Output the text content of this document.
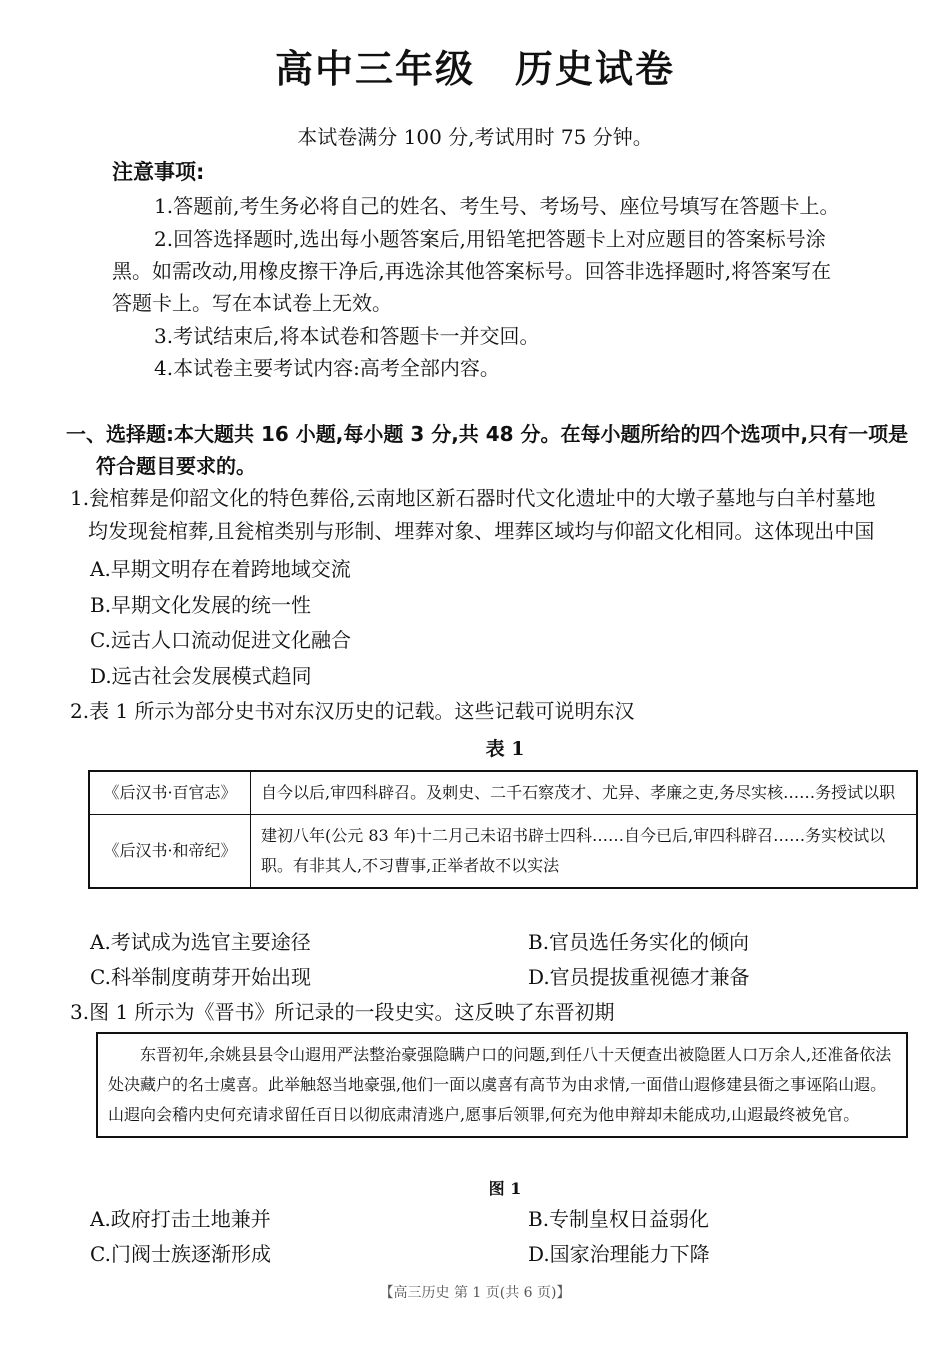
高中三年级 历史试卷
本试卷满分 100 分,考试用时 75 分钟。
注意事项:
1.答题前,考生务必将自己的姓名、考生号、考场号、座位号填写在答题卡上。
2.回答选择题时,选出每小题答案后,用铅笔把答题卡上对应题目的答案标号涂
黑。如需改动,用橡皮擦干净后,再选涂其他答案标号。回答非选择题时,将答案写在
答题卡上。写在本试卷上无效。
3.考试结束后,将本试卷和答题卡一并交回。
4.本试卷主要考试内容:高考全部内容。
一、选择题:本大题共 16 小题,每小题 3 分,共 48 分。在每小题所给的四个选项中,只有一项是
符合题目要求的。
1.瓮棺葬是仰韶文化的特色葬俗,云南地区新石器时代文化遗址中的大墩子墓地与白羊村墓地
均发现瓮棺葬,且瓮棺类别与形制、埋葬对象、埋葬区域均与仰韶文化相同。这体现出中国
A.早期文明存在着跨地域交流
B.早期文化发展的统一性
C.远古人口流动促进文化融合
D.远古社会发展模式趋同
2.表 1 所示为部分史书对东汉历史的记载。这些记载可说明东汉
表 1
《后汉书·百官志》	自今以后,审四科辟召。及刺史、二千石察茂才、尤异、孝廉之吏,务尽实核……务授试以职
《后汉书·和帝纪》	建初八年(公元 83 年)十二月己未诏书辟士四科……自今已后,审四科辟召……务实校试以职。有非其人,不习曹事,正举者故不以实法
A.考试成为选官主要途径	B.官员选任务实化的倾向
C.科举制度萌芽开始出现	D.官员提拔重视德才兼备
3.图 1 所示为《晋书》所记录的一段史实。这反映了东晋初期
东晋初年,余姚县县令山遐用严法整治豪强隐瞒户口的问题,到任八十天便查出被隐匿人口万余人,还准备依法处决藏户的名士虞喜。此举触怒当地豪强,他们一面以虞喜有高节为由求情,一面借山遐修建县衙之事诬陷山遐。山遐向会稽内史何充请求留任百日以彻底肃清逃户,愿事后领罪,何充为他申辩却未能成功,山遐最终被免官。
图 1
A.政府打击土地兼并	B.专制皇权日益弱化
C.门阀士族逐渐形成	D.国家治理能力下降
【高三历史 第 1 页(共 6 页)】
